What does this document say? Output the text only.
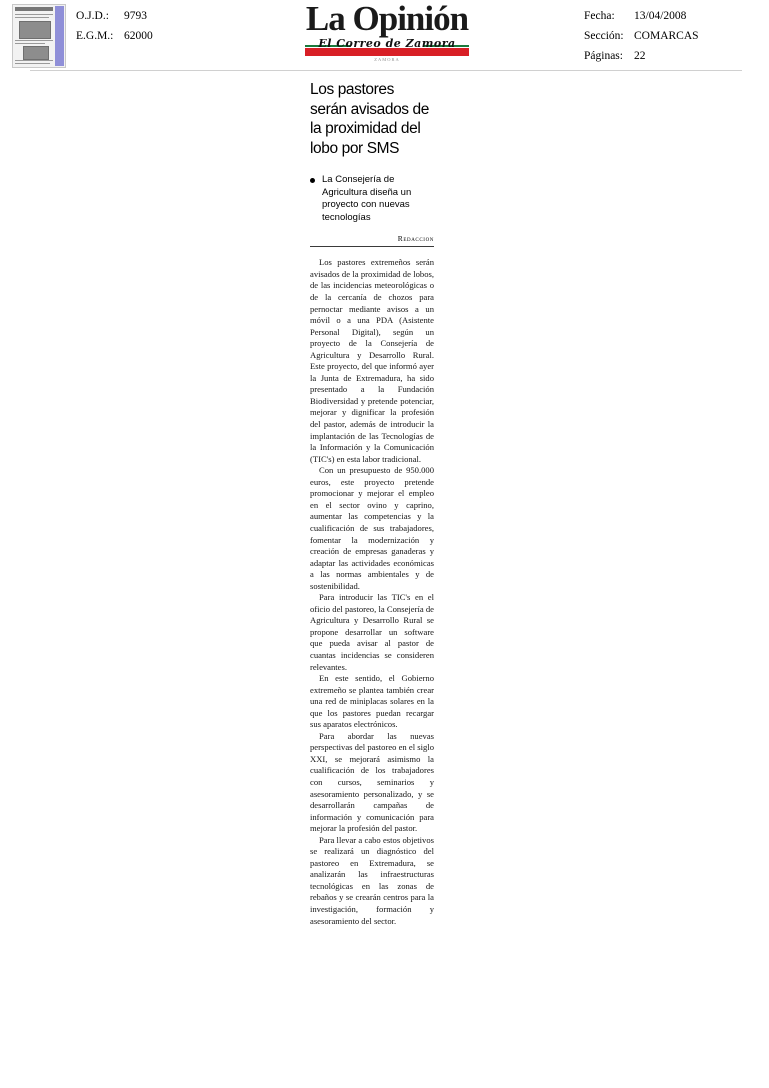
O.J.D.: 9793
E.G.M.: 62000	La Opinión
El Correo de Zamora
ZAMORA
Fecha: 13/04/2008
Sección: COMARCAS
Páginas: 22
Los pastores serán avisados de la proximidad del lobo por SMS
La Consejería de Agricultura diseña un proyecto con nuevas tecnologías
Redaccion

Los pastores extremeños serán avisados de la proximidad de lobos, de las incidencias meteorológicas o de la cercanía de chozos para pernoctar mediante avisos a un móvil o a una PDA (Asistente Personal Digital), según un proyecto de la Consejería de Agricultura y Desarrollo Rural. Este proyecto, del que informó ayer la Junta de Extremadura, ha sido presentado a la Fundación Biodiversidad y pretende potenciar, mejorar y dignificar la profesión del pastor, además de introducir la implantación de las Tecnologías de la Información y la Comunicación (TIC's) en esta labor tradicional.

Con un presupuesto de 950.000 euros, este proyecto pretende promocionar y mejorar el empleo en el sector ovino y caprino, aumentar las competencias y la cualificación de sus trabajadores, fomentar la modernización y creación de empresas ganaderas y adaptar las actividades económicas a las normas ambientales y de sostenibilidad.

Para introducir las TIC's en el oficio del pastoreo, la Consejería de Agricultura y Desarrollo Rural se propone desarrollar un software que pueda avisar al pastor de cuantas incidencias se consideren relevantes.

En este sentido, el Gobierno extremeño se plantea también crear una red de miniplacas solares en la que los pastores puedan recargar sus aparatos electrónicos.

Para abordar las nuevas perspectivas del pastoreo en el siglo XXI, se mejorará asimismo la cualificación de los trabajadores con cursos, seminarios y asesoramiento personalizado, y se desarrollarán campañas de información y comunicación para mejorar la profesión del pastor.

Para llevar a cabo estos objetivos se realizará un diagnóstico del pastoreo en Extremadura, se analizarán las infraestructuras tecnológicas en las zonas de rebaños y se crearán centros para la investigación, formación y asesoramiento del sector.
